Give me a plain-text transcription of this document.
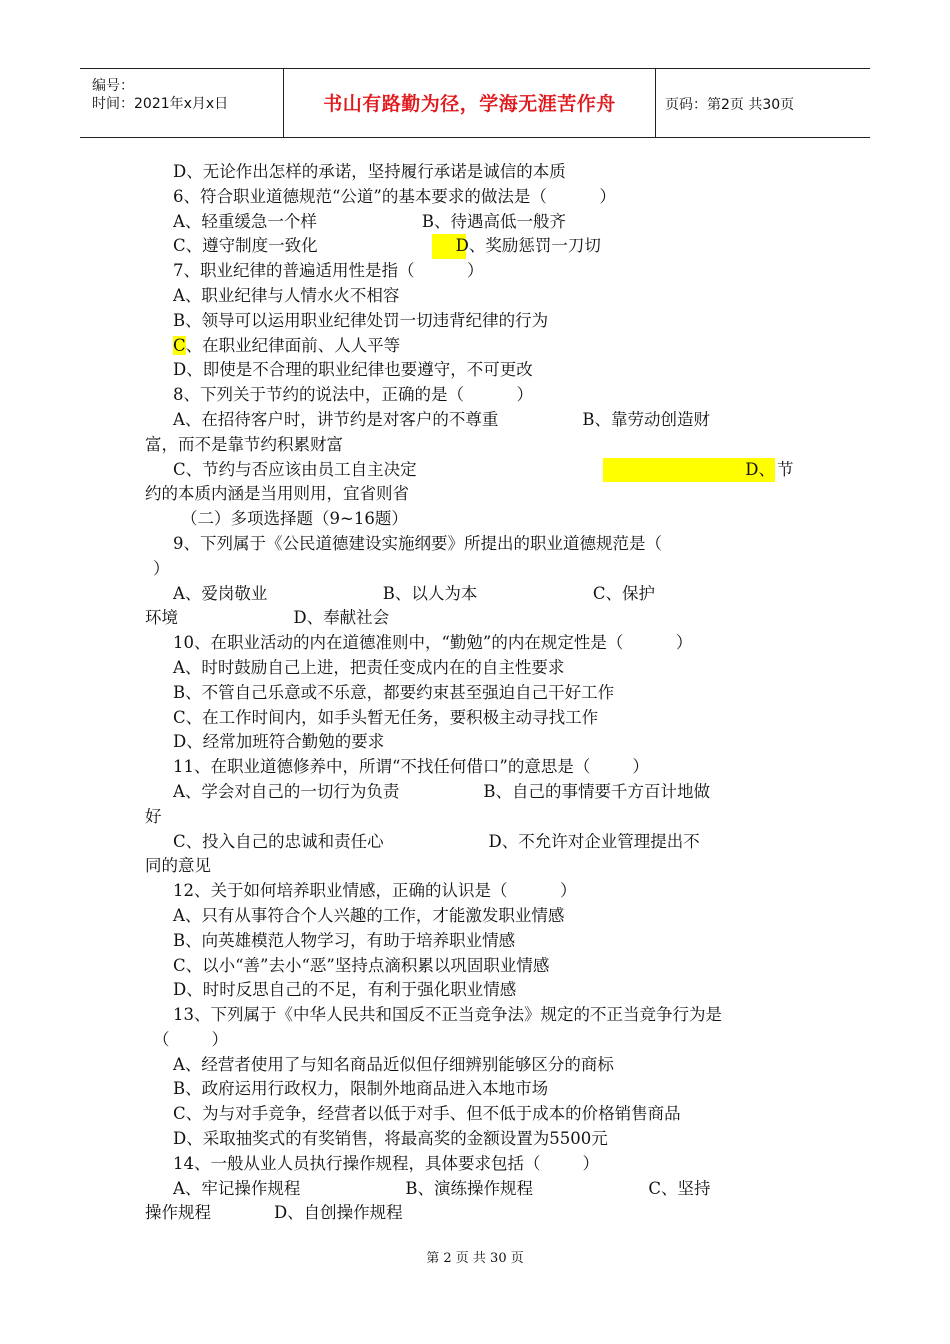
编号：
时间：2021年x月x日	书山有路勤为径，学海无涯苦作舟	页码：第2页 共30页
D、无论作出怎样的承诺，坚持履行承诺是诚信的本质
6、符合职业道德规范“公道”的基本要求的做法是（          ）
A、轻重缓急一个样                    B、待遇高低一般齐
C、遵守制度一致化	D、奖励惩罚一刀切
7、职业纪律的普遍适用性是指（          ）
A、职业纪律与人情水火不相容
B、领导可以运用职业纪律处罚一切违背纪律的行为
C、在职业纪律面前、人人平等
D、即使是不合理的职业纪律也要遵守，不可更改
8、下列关于节约的说法中，正确的是（          ）
A、在招待客户时，讲节约是对客户的不尊重                B、靠劳动创造财
富，而不是靠节约积累财富
C、节约与否应该由员工自主决定	D、 节
约的本质内涵是当用则用，宜省则省
（二）多项选择题（9~16题）
9、下列属于《公民道德建设实施纲要》所提出的职业道德规范是（
）
A、爱岗敬业                      B、以人为本                      C、保护
环境                      D、奉献社会
10、在职业活动的内在道德准则中，“勤勉”的内在规定性是（          ）
A、时时鼓励自己上进，把责任变成内在的自主性要求
B、不管自己乐意或不乐意，都要约束甚至强迫自己干好工作
C、在工作时间内，如手头暂无任务，要积极主动寻找工作
D、经常加班符合勤勉的要求
11、在职业道德修养中，所谓“不找任何借口”的意思是（        ）
A、学会对自己的一切行为负责                B、自己的事情要千方百计地做
好
C、投入自己的忠诚和责任心                    D、不允许对企业管理提出不
同的意见
12、关于如何培养职业情感，正确的认识是（          ）
A、只有从事符合个人兴趣的工作，才能激发职业情感
B、向英雄模范人物学习，有助于培养职业情感
C、以小“善”去小“恶”坚持点滴积累以巩固职业情感
D、时时反思自己的不足，有利于强化职业情感
13、下列属于《中华人民共和国反不正当竞争法》规定的不正当竞争行为是
（        ）
A、经营者使用了与知名商品近似但仔细辨别能够区分的商标
B、政府运用行政权力，限制外地商品进入本地市场
C、为与对手竞争，经营者以低于对手、但不低于成本的价格销售商品
D、采取抽奖式的有奖销售，将最高奖的金额设置为5500元
14、一般从业人员执行操作规程，具体要求包括（        ）
A、牢记操作规程                    B、演练操作规程                      C、坚持
操作规程            D、自创操作规程
第 2 页 共 30 页
